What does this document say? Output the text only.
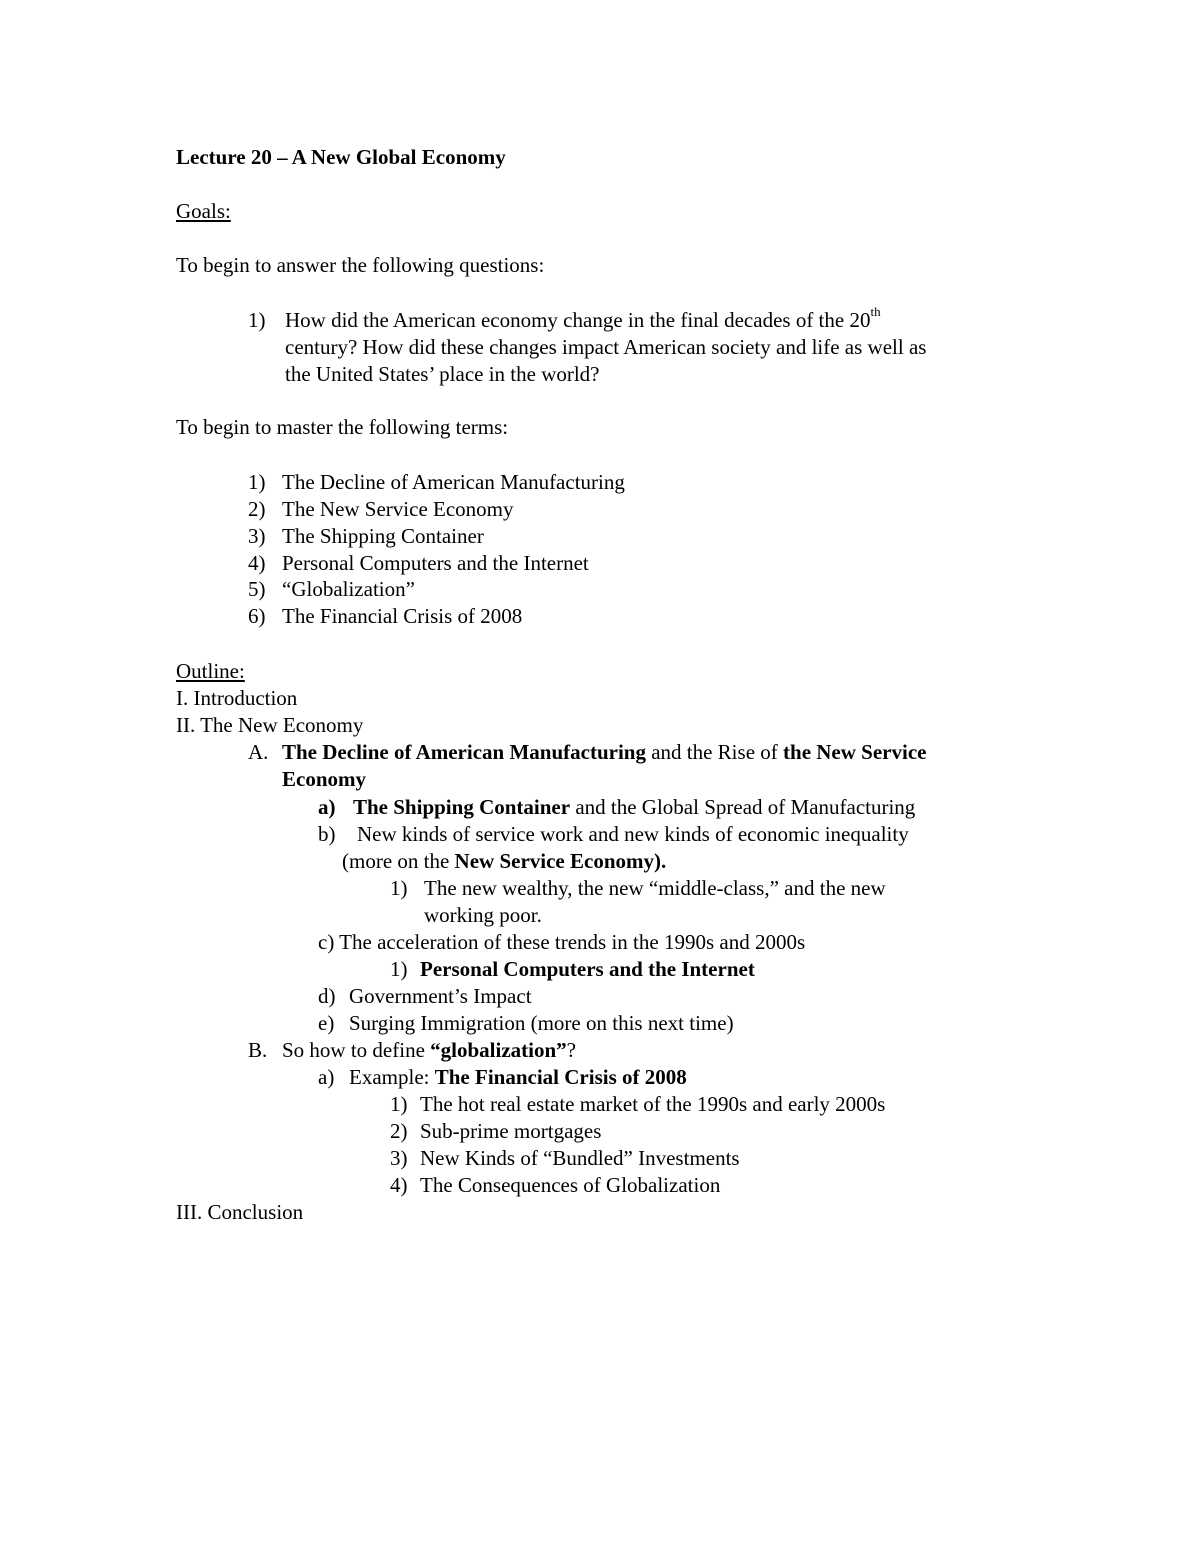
Lecture 20 – A New Global Economy
Goals:
To begin to answer the following questions:
1) How did the American economy change in the final decades of the 20th
century? How did these changes impact American society and life as well as
the United States’ place in the world?
To begin to master the following terms:
1) The Decline of American Manufacturing
2) The New Service Economy
3) The Shipping Container
4) Personal Computers and the Internet
5) “Globalization”
6) The Financial Crisis of 2008
Outline:
I. Introduction
II. The New Economy
A. The Decline of American Manufacturing and the Rise of the New Service
Economy
a) The Shipping Container and the Global Spread of Manufacturing
b) New kinds of service work and new kinds of economic inequality
(more on the New Service Economy).
1) The new wealthy, the new “middle-class,” and the new
working poor.
c) The acceleration of these trends in the 1990s and 2000s
1) Personal Computers and the Internet
d) Government’s Impact
e) Surging Immigration (more on this next time)
B. So how to define “globalization”?
a) Example: The Financial Crisis of 2008
1) The hot real estate market of the 1990s and early 2000s
2) Sub-prime mortgages
3) New Kinds of “Bundled” Investments
4) The Consequences of Globalization
III. Conclusion
